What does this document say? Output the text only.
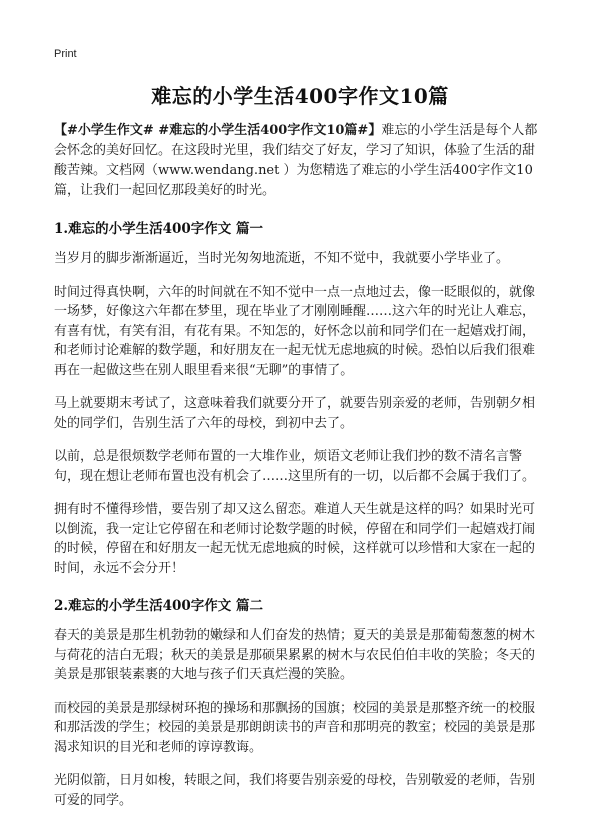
Print
难忘的小学生活400字作文10篇

【#小学生作文# #难忘的小学生活400字作文10篇#】难忘的小学生活是每个人都会怀念的美好回忆。在这段时光里，我们结交了好友，学习了知识，体验了生活的甜酸苦辣。文档网（www.wendang.net ）为您精选了难忘的小学生活400字作文10篇，让我们一起回忆那段美好的时光。

1.难忘的小学生活400字作文 篇一

当岁月的脚步渐渐逼近，当时光匆匆地流逝，不知不觉中，我就要小学毕业了。

时间过得真快啊，六年的时间就在不知不觉中一点一点地过去，像一眨眼似的，就像一场梦，好像这六年都在梦里，现在毕业了才刚刚睡醒……这六年的时光让人难忘，有喜有忧，有笑有泪，有花有果。不知怎的，好怀念以前和同学们在一起嬉戏打闹，和老师讨论难解的数学题，和好朋友在一起无忧无虑地疯的时候。恐怕以后我们很难再在一起做这些在别人眼里看来很“无聊”的事情了。

马上就要期末考试了，这意味着我们就要分开了，就要告别亲爱的老师，告别朝夕相处的同学们，告别生活了六年的母校，到初中去了。

以前，总是很烦数学老师布置的一大堆作业，烦语文老师让我们抄的数不清名言警句，现在想让老师布置也没有机会了……这里所有的一切，以后都不会属于我们了。

拥有时不懂得珍惜，要告别了却又这么留恋。难道人天生就是这样的吗？如果时光可以倒流，我一定让它停留在和老师讨论数学题的时候，停留在和同学们一起嬉戏打闹的时候，停留在和好朋友一起无忧无虑地疯的时候，这样就可以珍惜和大家在一起的时间，永远不会分开！

2.难忘的小学生活400字作文 篇二

春天的美景是那生机勃勃的嫩绿和人们奋发的热情；夏天的美景是那葡萄葱葱的树木与荷花的洁白无瑕；秋天的美景是那硕果累累的树木与农民伯伯丰收的笑脸；冬天的美景是那银装素裹的大地与孩子们天真烂漫的笑脸。

而校园的美景是那绿树环抱的操场和那飘扬的国旗；校园的美景是那整齐统一的校服和那活泼的学生；校园的美景是那朗朗读书的声音和那明亮的教室；校园的美景是那渴求知识的目光和老师的谆谆教诲。

光阴似箭，日月如梭，转眼之间，我们将要告别亲爱的母校，告别敬爱的老师，告别可爱的同学。
